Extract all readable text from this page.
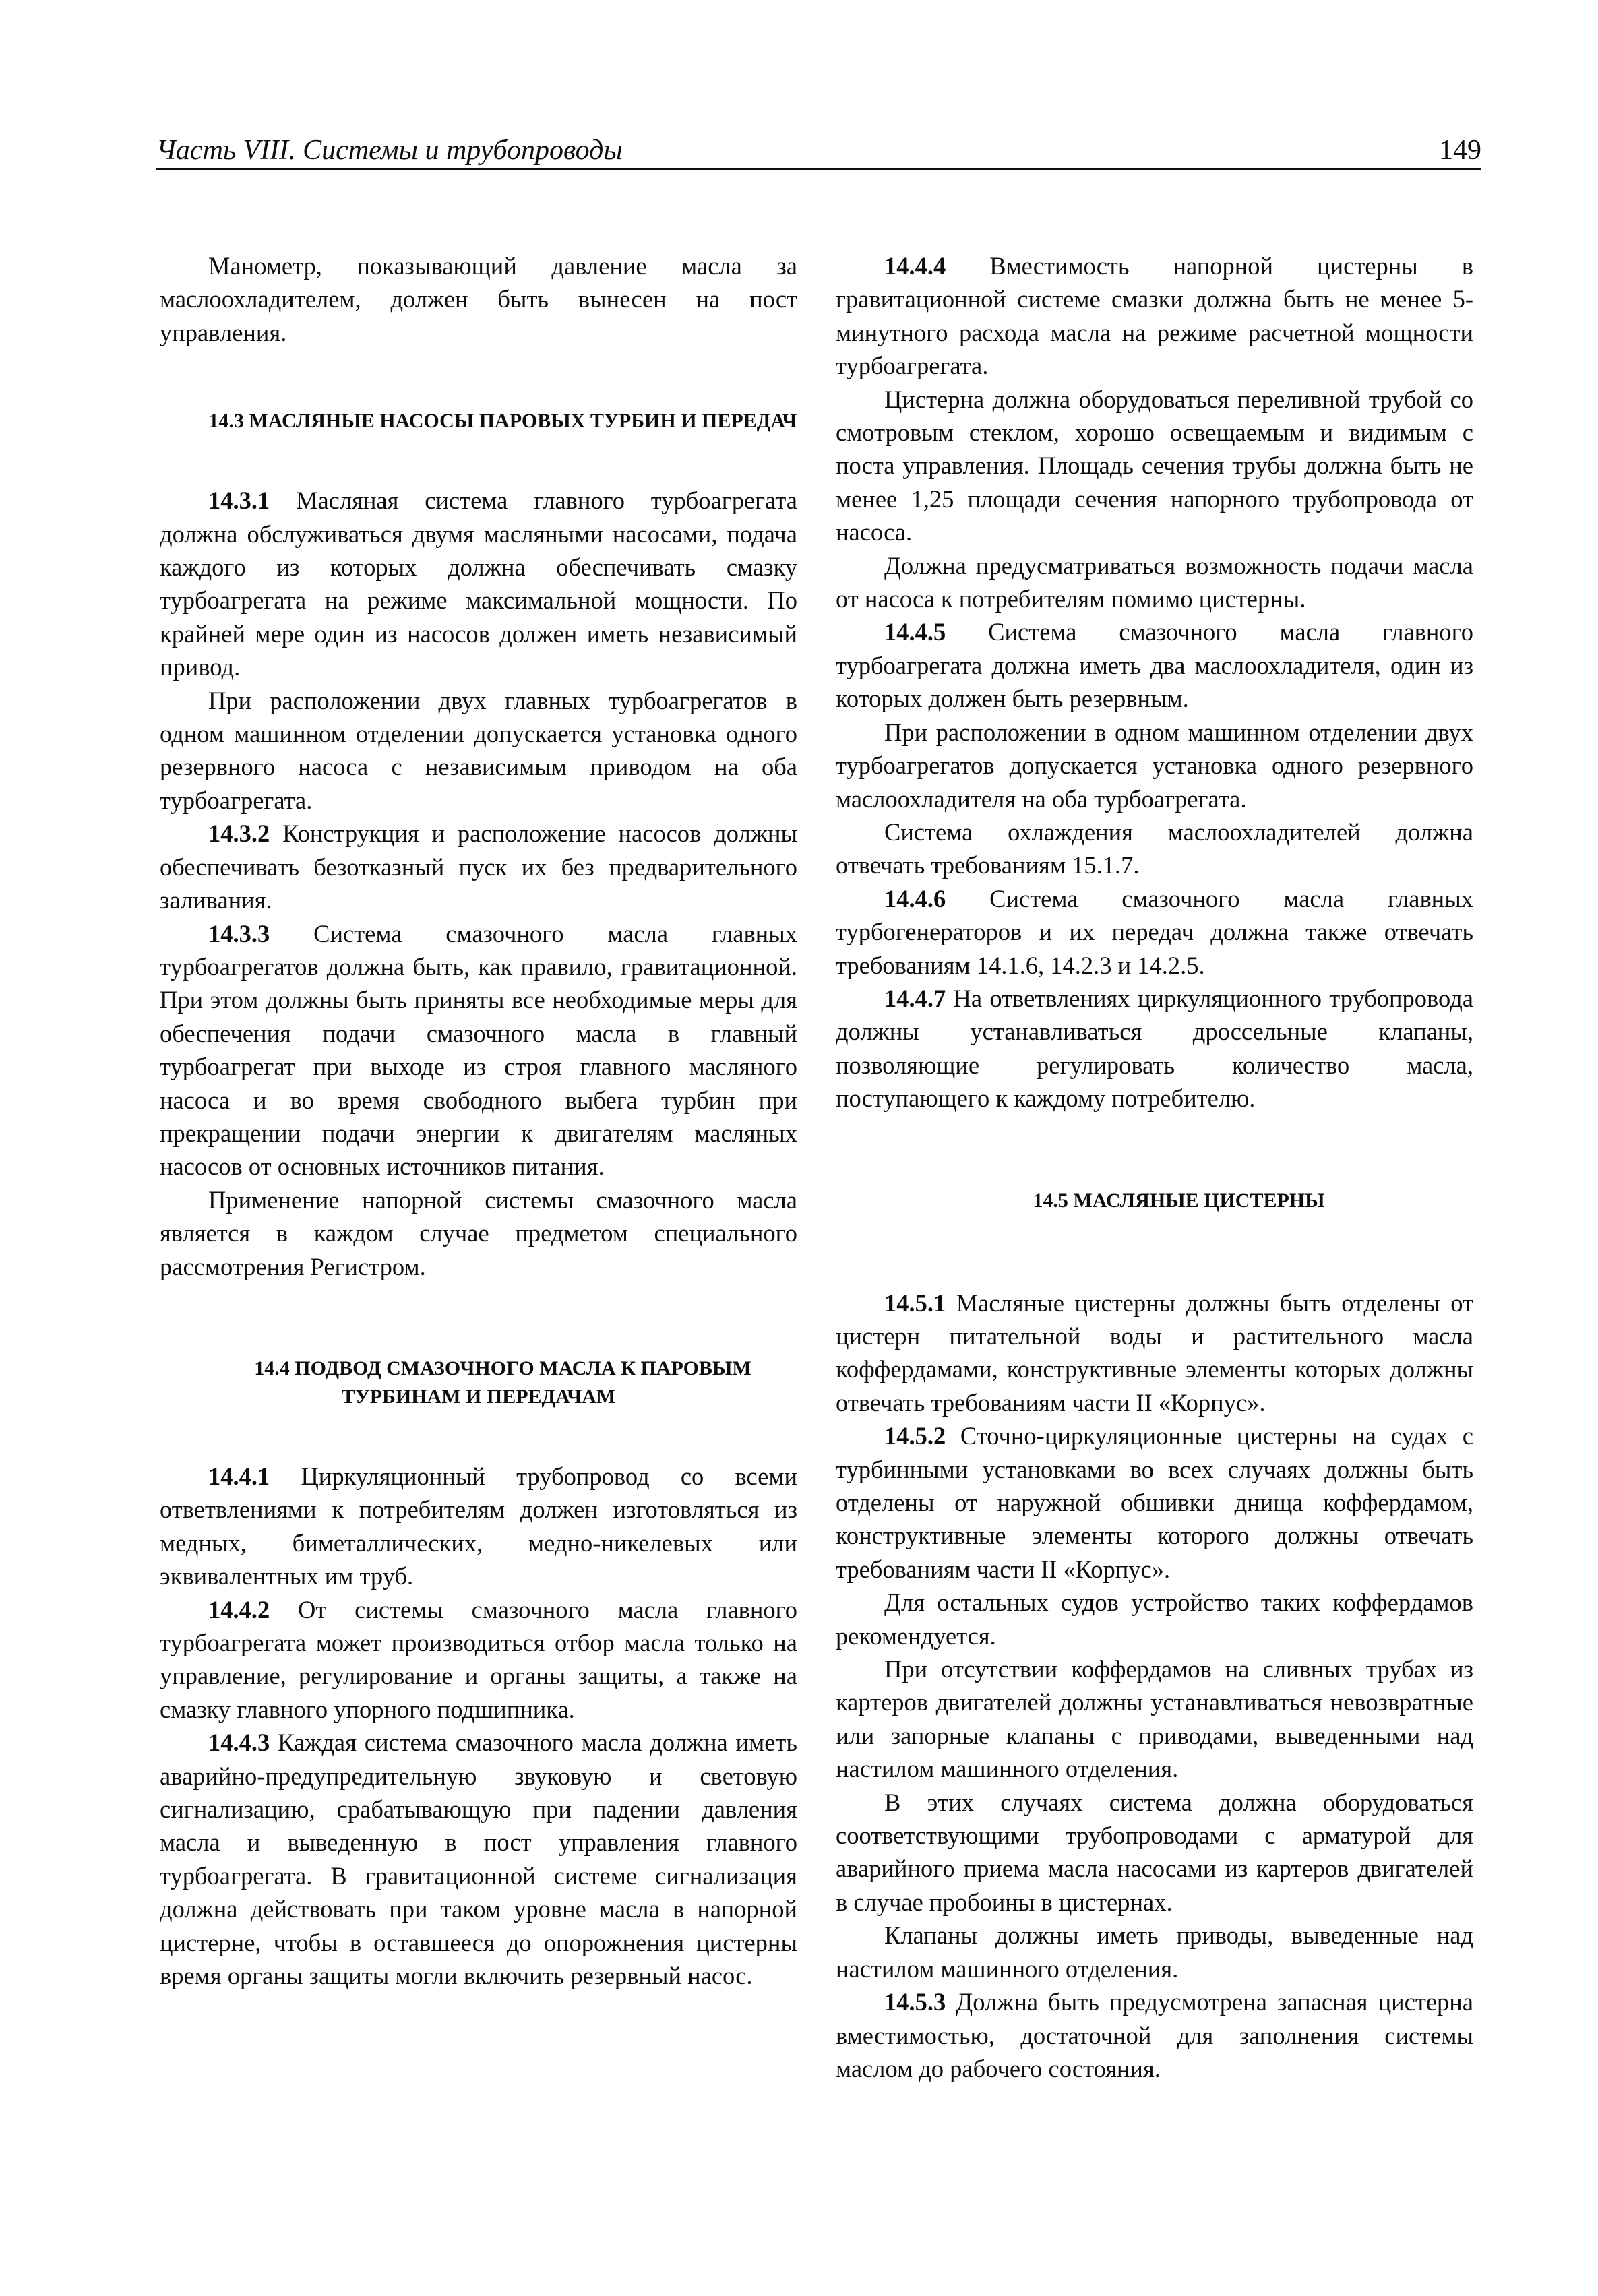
Часть VIII. Системы и трубопроводы	149

Манометр, показывающий давление масла за маслоохладителем, должен быть вынесен на пост управления.

14.3 МАСЛЯНЫЕ НАСОСЫ ПАРОВЫХ ТУРБИН И ПЕРЕДАЧ

14.3.1 Масляная система главного турбоагрегата должна обслуживаться двумя масляными насосами, подача каждого из которых должна обеспечивать смазку турбоагрегата на режиме максимальной мощности. По крайней мере один из насосов должен иметь независимый привод.

При расположении двух главных турбоагрегатов в одном машинном отделении допускается установка одного резервного насоса с независимым приводом на оба турбоагрегата.

14.3.2 Конструкция и расположение насосов должны обеспечивать безотказный пуск их без предварительного заливания.

14.3.3 Система смазочного масла главных турбоагрегатов должна быть, как правило, гравитационной. При этом должны быть приняты все необходимые меры для обеспечения подачи смазочного масла в главный турбоагрегат при выходе из строя главного масляного насоса и во время свободного выбега турбин при прекращении подачи энергии к двигателям масляных насосов от основных источников питания.

Применение напорной системы смазочного масла является в каждом случае предметом специального рассмотрения Регистром.

14.4 ПОДВОД СМАЗОЧНОГО МАСЛА К ПАРОВЫМ ТУРБИНАМ И ПЕРЕДАЧАМ

14.4.1 Циркуляционный трубопровод со всеми ответвлениями к потребителям должен изготовляться из медных, биметаллических, медно-никелевых или эквивалентных им труб.

14.4.2 От системы смазочного масла главного турбоагрегата может производиться отбор масла только на управление, регулирование и органы защиты, а также на смазку главного упорного подшипника.

14.4.3 Каждая система смазочного масла должна иметь аварийно-предупредительную звуковую и световую сигнализацию, срабатывающую при падении давления масла и выведенную в пост управления главного турбоагрегата. В гравитационной системе сигнализация должна действовать при таком уровне масла в напорной цистерне, чтобы в оставшееся до опорожнения цистерны время органы защиты могли включить резервный насос.

14.4.4 Вместимость напорной цистерны в гравитационной системе смазки должна быть не менее 5-минутного расхода масла на режиме расчетной мощности турбоагрегата.

Цистерна должна оборудоваться переливной трубой со смотровым стеклом, хорошо освещаемым и видимым с поста управления. Площадь сечения трубы должна быть не менее 1,25 площади сечения напорного трубопровода от насоса.

Должна предусматриваться возможность подачи масла от насоса к потребителям помимо цистерны.

14.4.5 Система смазочного масла главного турбоагрегата должна иметь два маслоохладителя, один из которых должен быть резервным.

При расположении в одном машинном отделении двух турбоагрегатов допускается установка одного резервного маслоохладителя на оба турбоагрегата.

Система охлаждения маслоохладителей должна отвечать требованиям 15.1.7.

14.4.6 Система смазочного масла главных турбогенераторов и их передач должна также отвечать требованиям 14.1.6, 14.2.3 и 14.2.5.

14.4.7 На ответвлениях циркуляционного трубопровода должны устанавливаться дроссельные клапаны, позволяющие регулировать количество масла, поступающего к каждому потребителю.

14.5 МАСЛЯНЫЕ ЦИСТЕРНЫ

14.5.1 Масляные цистерны должны быть отделены от цистерн питательной воды и растительного масла коффердамами, конструктивные элементы которых должны отвечать требованиям части II «Корпус».

14.5.2 Сточно-циркуляционные цистерны на судах с турбинными установками во всех случаях должны быть отделены от наружной обшивки днища коффердамом, конструктивные элементы которого должны отвечать требованиям части II «Корпус».

Для остальных судов устройство таких коффердамов рекомендуется.

При отсутствии коффердамов на сливных трубах из картеров двигателей должны устанавливаться невозвратные или запорные клапаны с приводами, выведенными над настилом машинного отделения.

В этих случаях система должна оборудоваться соответствующими трубопроводами с арматурой для аварийного приема масла насосами из картеров двигателей в случае пробоины в цистернах.

Клапаны должны иметь приводы, выведенные над настилом машинного отделения.

14.5.3 Должна быть предусмотрена запасная цистерна вместимостью, достаточной для заполнения системы маслом до рабочего состояния.
